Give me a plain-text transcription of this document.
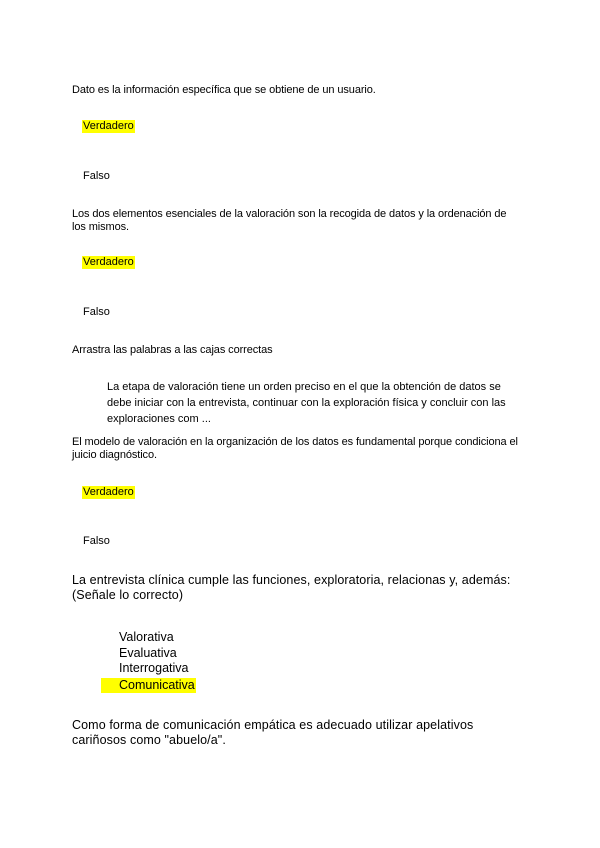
Dato es la información específica que se obtiene de un usuario.
Verdadero
Falso
Los dos elementos esenciales de la valoración son la recogida de datos y la ordenación de los mismos.
Verdadero
Falso
Arrastra las palabras a las cajas correctas
La etapa de valoración tiene un orden preciso en el que la obtención de datos se debe iniciar con la entrevista, continuar con la exploración física y concluir con las exploraciones com ...
El modelo de valoración en la organización de los datos es fundamental porque condiciona el juicio diagnóstico.
Verdadero
Falso
La entrevista clínica cumple las funciones, exploratoria, relacionas y, además: (Señale lo correcto)
Valorativa
Evaluativa
Interrogativa
Comunicativa
Como forma de comunicación empática es adecuado utilizar apelativos cariñosos como "abuelo/a".
